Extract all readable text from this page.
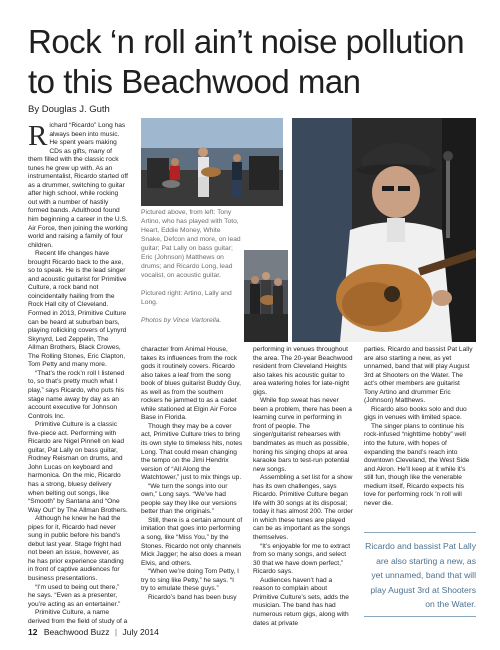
Rock ‘n roll ain’t noise pollution to this Beachwood man
By Douglas J. Guth

Richard “Ricardo” Long has always been into music. He spent years making CDs as gifts, many of them filled with the classic rock tunes he grew up with. As an instrumentalist, Ricardo started off as a drummer, switching to guitar after high school, while rocking out with a number of hastily formed bands. Adulthood found him beginning a career in the U.S. Air Force, then joining the working world and raising a family of four children.

Recent life changes have brought Ricardo back to the axe, so to speak. He is the lead singer and acoustic guitarist for Primitive Culture, a rock band not coincidentally hailing from the Rock Hall city of Cleveland. Formed in 2013, Primitive Culture can be heard at suburban bars, playing rollicking covers of Lynyrd Skynyrd, Led Zeppelin, The Allman Brothers, Black Crowes, The Rolling Stones, Eric Clapton, Tom Petty and many more.

“That’s the rock’n roll I listened to, so that’s pretty much what I play,” says Ricardo, who puts his stage name away by day as an account executive for Johnson Controls Inc.

Primitive Culture is a classic five-piece act. Performing with Ricardo are Nigel Pinnell on lead guitar, Pat Lally on bass guitar, Rodney Reisman on drums, and John Lucas on keyboard and harmonica. On the mic, Ricardo has a strong, bluesy delivery when belting out songs, like “Smooth” by Santana and “One Way Out” by The Allman Brothers.

Although he knew he had the pipes for it, Ricardo had never sung in public before his band’s debut last year. Stage fright had not been an issue, however, as he has prior experience standing in front of captive audiences for business presentations.

“I’m used to being out there,” he says. “Even as a presenter, you’re acting as an entertainer.”

Primitive Culture, a name derived from the field of study of a

Pictured above, from left: Tony Artino, who has played with Toto, Heart, Eddie Money, White Snake, Defcon and more, on lead guitar; Pat Lally on bass guitar; Eric (Johnson) Matthews on drums; and Ricardo Long, lead vocalist, on acoustic guitar.

Pictured right: Artino, Lally and Long.

Photos by Vince Vartorella.

character from Animal House, takes its influences from the rock gods it routinely covers. Ricardo also takes a leaf from the song book of blues guitarist Buddy Guy, as well as from the southern rockers he jammed to as a cadet while stationed at Elgin Air Force Base in Florida.

Though they may be a cover act, Primitive Culture tries to bring its own style to timeless hits, notes Long. That could mean changing the tempo on the Jimi Hendrix version of “All Along the Watchtower,” just to mix things up.

“We turn the songs into our own,” Long says. “We’ve had people say they like our versions better than the originals.”

Still, there is a certain amount of imitation that goes into performing a song, like “Miss You,” by the Stones. Ricardo not only channels Mick Jagger; he also does a mean Elvis, and others.

“When we’re doing Tom Petty, I try to sing like Petty,” he says. “I try to emulate these guys.”

Ricardo’s band has been busy

performing in venues throughout the area. The 20-year Beachwood resident from Cleveland Heights also takes his acoustic guitar to area watering holes for late-night gigs.

While flop sweat has never been a problem, there has been a learning curve in performing in front of people. The singer/guitarist rehearses with bandmates as much as possible, honing his singing chops at area karaoke bars to test-run potential new songs.

Assembling a set list for a show has its own challenges, says Ricardo. Primitive Culture began life with 30 songs at its disposal; today it has almost 200. The order in which these tunes are played can be as important as the songs themselves.

“It’s enjoyable for me to extract from so many songs, and select 30 that we have down perfect,” Ricardo says.

Audiences haven’t had a reason to complain about Primitive Culture’s sets, adds the musician. The band has had numerous return gigs, along with dates at private

parties. Ricardo and bassist Pat Lally are also starting a new, as yet unnamed, band that will play August 3rd at Shooters on the Water. The act’s other members are guitarist Tony Artino and drummer Eric (Johnson) Matthews.

Ricardo also books solo and duo gigs in venues with limited space.

The singer plans to continue his rock-infused “nighttime hobby” well into the future, with hopes of expanding the band’s reach into downtown Cleveland, the West Side and Akron. He’ll keep at it while it’s still fun, though like the venerable medium itself, Ricardo expects his love for performing rock ’n roll will never die.

Ricardo and bassist Pat Lally are also starting a new, as yet unnamed, band that will play August 3rd at Shooters on the Water.
12 Beachwood Buzz | July 2014
